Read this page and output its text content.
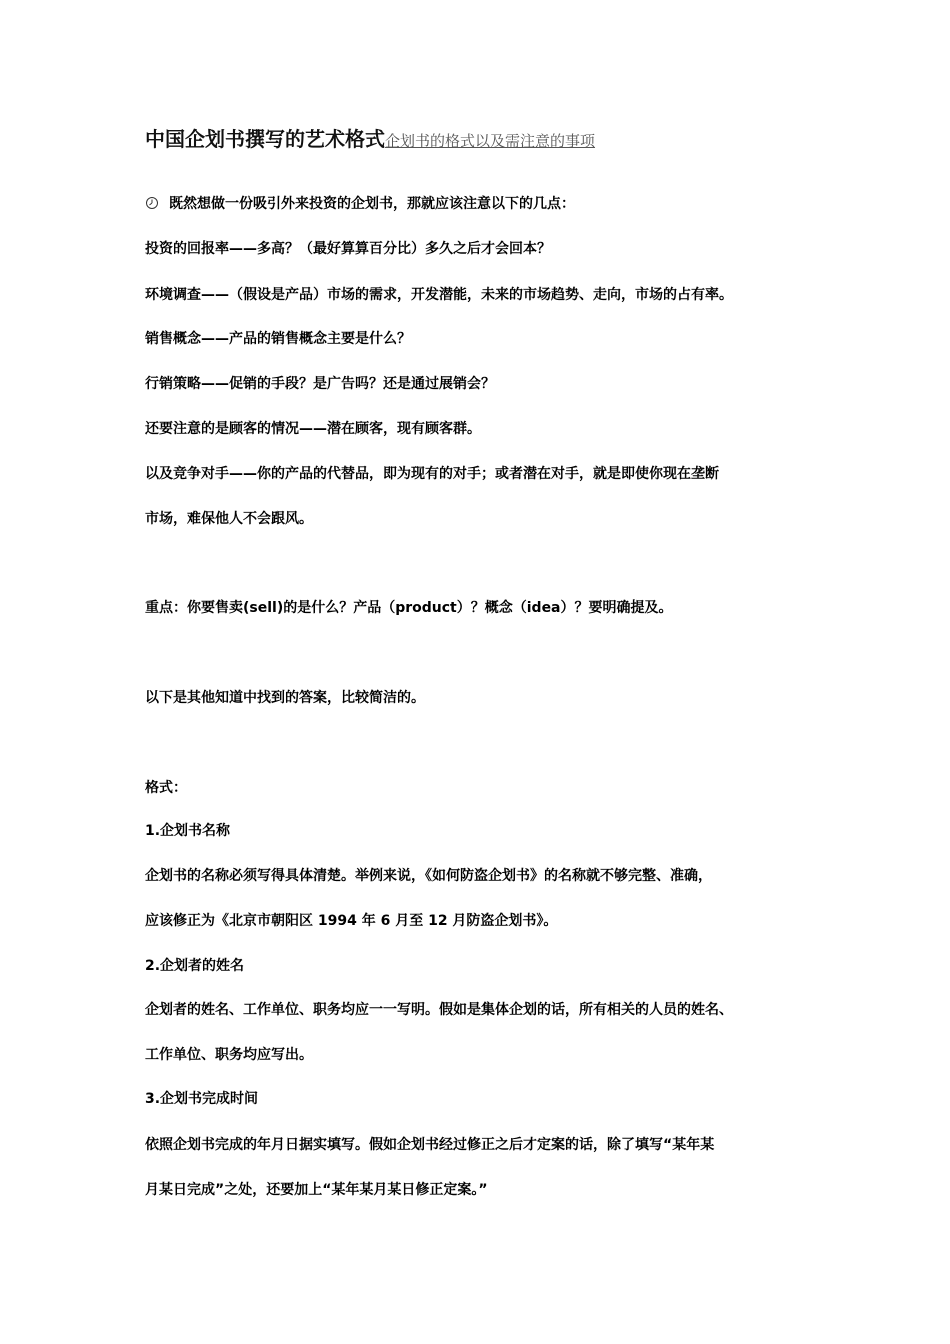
中国企划书撰写的艺术格式企划书的格式以及需注意的事项
既然想做一份吸引外来投资的企划书，那就应该注意以下的几点：
投资的回报率——多高？（最好算算百分比）多久之后才会回本？
环境调查——（假设是产品）市场的需求，开发潜能，未来的市场趋势、走向，市场的占有率。
销售概念——产品的销售概念主要是什么？
行销策略——促销的手段？是广告吗？还是通过展销会？
还要注意的是顾客的情况——潜在顾客，现有顾客群。
以及竞争对手——你的产品的代替品，即为现有的对手；或者潜在对手，就是即使你现在垄断
市场，难保他人不会跟风。
重点：你要售卖(sell)的是什么？产品（product）？概念（idea）？要明确提及。
以下是其他知道中找到的答案，比较简洁的。
格式：
1.企划书名称
企划书的名称必须写得具体清楚。举例来说，《如何防盗企划书》的名称就不够完整、准确，
应该修正为《北京市朝阳区 1994 年 6 月至 12 月防盗企划书》。
2.企划者的姓名
企划者的姓名、工作单位、职务均应一一写明。假如是集体企划的话，所有相关的人员的姓名、
工作单位、职务均应写出。
3.企划书完成时间
依照企划书完成的年月日据实填写。假如企划书经过修正之后才定案的话，除了填写“某年某
月某日完成”之处，还要加上“某年某月某日修正定案。”
